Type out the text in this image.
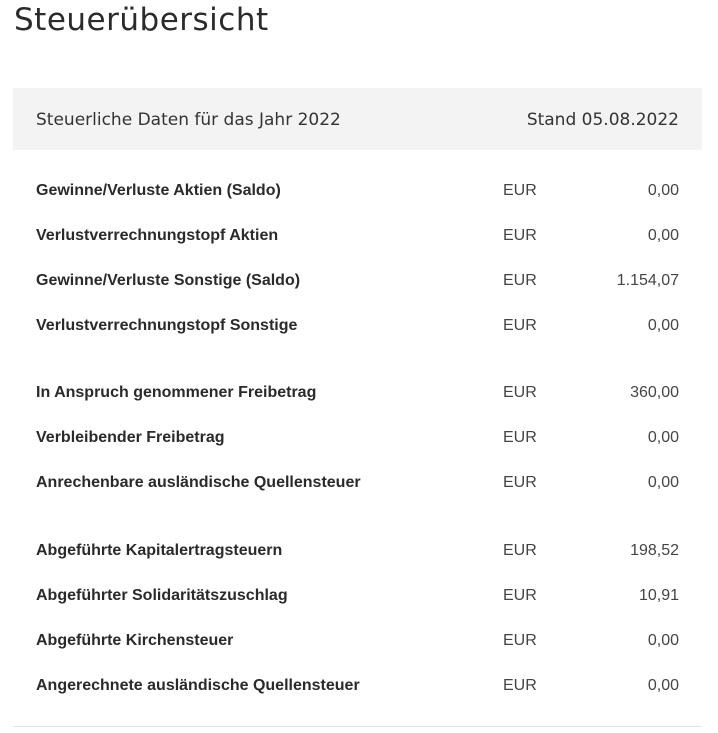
Steuerübersicht
Steuerliche Daten für das Jahr 2022	Stand 05.08.2022
Gewinne/Verluste Aktien (Saldo)	EUR	0,00
Verlustverrechnungstopf Aktien	EUR	0,00
Gewinne/Verluste Sonstige (Saldo)	EUR	1.154,07
Verlustverrechnungstopf Sonstige	EUR	0,00
In Anspruch genommener Freibetrag	EUR	360,00
Verbleibender Freibetrag	EUR	0,00
Anrechenbare ausländische Quellensteuer	EUR	0,00
Abgeführte Kapitalertragsteuern	EUR	198,52
Abgeführter Solidaritätszuschlag	EUR	10,91
Abgeführte Kirchensteuer	EUR	0,00
Angerechnete ausländische Quellensteuer	EUR	0,00
